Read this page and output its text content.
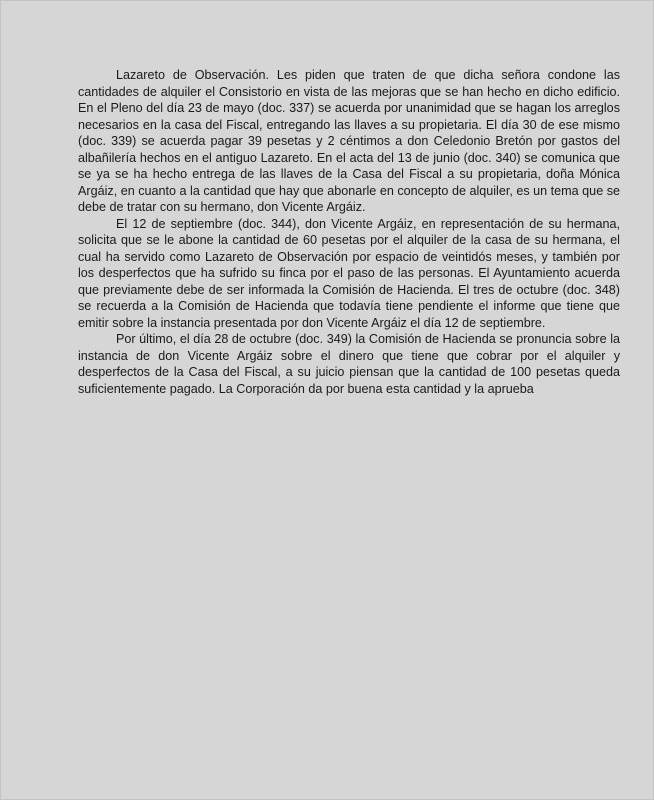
Lazareto de Observación. Les piden que traten de que dicha señora condone las cantidades de alquiler el Consistorio en vista de las mejoras que se han hecho en dicho edificio. En el Pleno del día 23 de mayo (doc. 337) se acuerda por unanimidad que se hagan los arreglos necesarios en la casa del Fiscal, entregando las llaves a su propietaria. El día 30 de ese mismo (doc. 339) se acuerda pagar 39 pesetas y 2 céntimos a don Celedonio Bretón por gastos del albañilería hechos en el antiguo Lazareto. En el acta del 13 de junio (doc. 340) se comunica que se ya se ha hecho entrega de las llaves de la Casa del Fiscal a su propietaria, doña Mónica Argáiz, en cuanto a la cantidad que hay que abonarle en concepto de alquiler, es un tema que se debe de tratar con su hermano, don Vicente Argáiz.

El 12 de septiembre (doc. 344), don Vicente Argáiz, en representación de su hermana, solicita que se le abone la cantidad de 60 pesetas por el alquiler de la casa de su hermana, el cual ha servido como Lazareto de Observación por espacio de veintidós meses, y también por los desperfectos que ha sufrido su finca por el paso de las personas. El Ayuntamiento acuerda que previamente debe de ser informada la Comisión de Hacienda. El tres de octubre (doc. 348) se recuerda a la Comisión de Hacienda que todavía tiene pendiente el informe que tiene que emitir sobre la instancia presentada por don Vicente Argáiz el día 12 de septiembre.

Por último, el día 28 de octubre (doc. 349) la Comisión de Hacienda se pronuncia sobre la instancia de don Vicente Argáiz sobre el dinero que tiene que cobrar por el alquiler y desperfectos de la Casa del Fiscal, a su juicio piensan que la cantidad de 100 pesetas queda suficientemente pagado. La Corporación da por buena esta cantidad y la aprueba
